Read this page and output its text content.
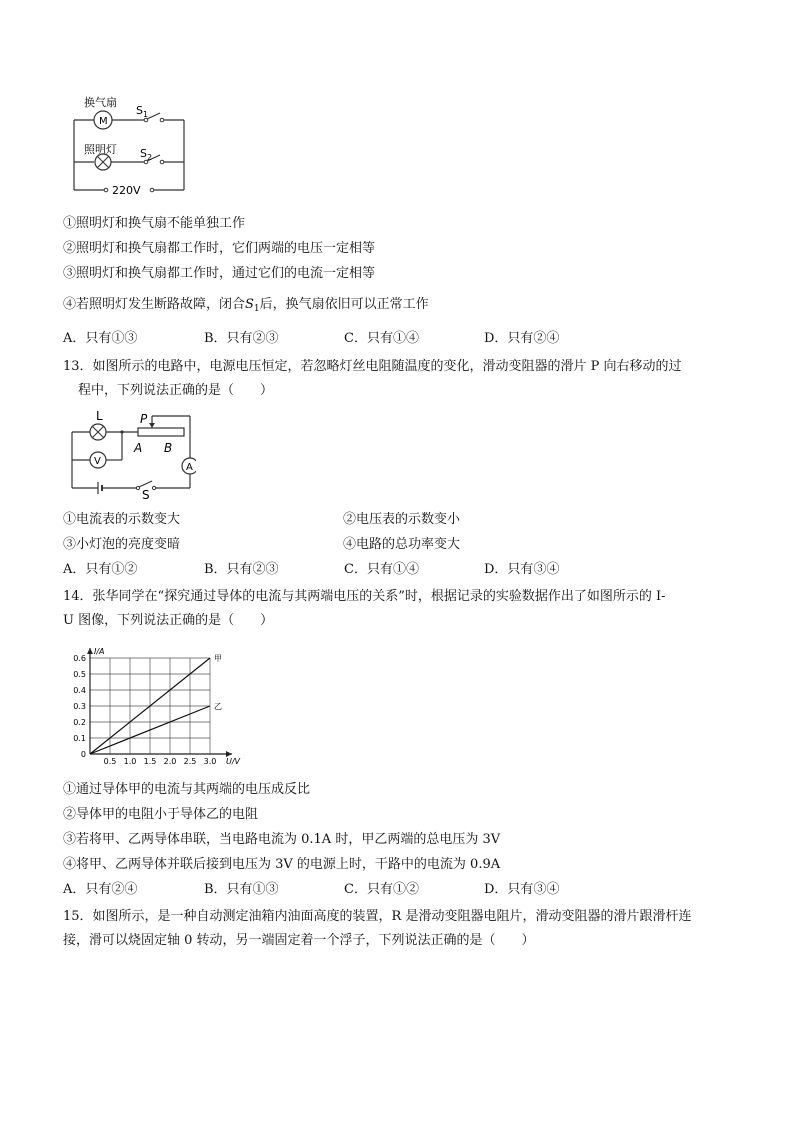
换气扇
M
$S_1$
照明灯 $S_2$
220V
①照明灯和换气扇不能单独工作
②照明灯和换气扇都工作时，它们两端的电压一定相等
③照明灯和换气扇都工作时，通过它们的电流一定相等
④若照明灯发生断路故障，闭合$S_1$后，换气扇依旧可以正常工作
A．只有①③	B．只有②③	C．只有①④	D．只有②④
13．如图所示的电路中，电源电压恒定，若忽略灯丝电阻随温度的变化，滑动变阻器的滑片 P 向右移动的过
程中，下列说法正确的是（　　）
L	P
A B
V
A
S
①电流表的示数变大	②电压表的示数变小
③小灯泡的亮度变暗	④电路的总功率变大
A．只有①②	B．只有②③	C．只有①④	D．只有③④
14．张华同学在“探究通过导体的电流与其两端电压的关系”时，根据记录的实验数据作出了如图所示的 I-
U 图像，下列说法正确的是（　　）
I/A
U/V
0.6
0.5
0.4
0.3
0.2
0.1
0
0.5 1.0 1.5 2.0 2.5 3.0
甲
乙
①通过导体甲的电流与其两端的电压成反比
②导体甲的电阻小于导体乙的电阻
③若将甲、乙两导体串联，当电路电流为 0.1A 时，甲乙两端的总电压为 3V
④将甲、乙两导体并联后接到电压为 3V 的电源上时，干路中的电流为 0.9A
A．只有②④	B．只有①③	C．只有①②	D．只有③④
15．如图所示，是一种自动测定油箱内油面高度的装置，R 是滑动变阻器电阻片，滑动变阻器的滑片跟滑杆连
接，滑可以烧固定轴 0 转动，另一端固定着一个浮子，下列说法正确的是（　　）
